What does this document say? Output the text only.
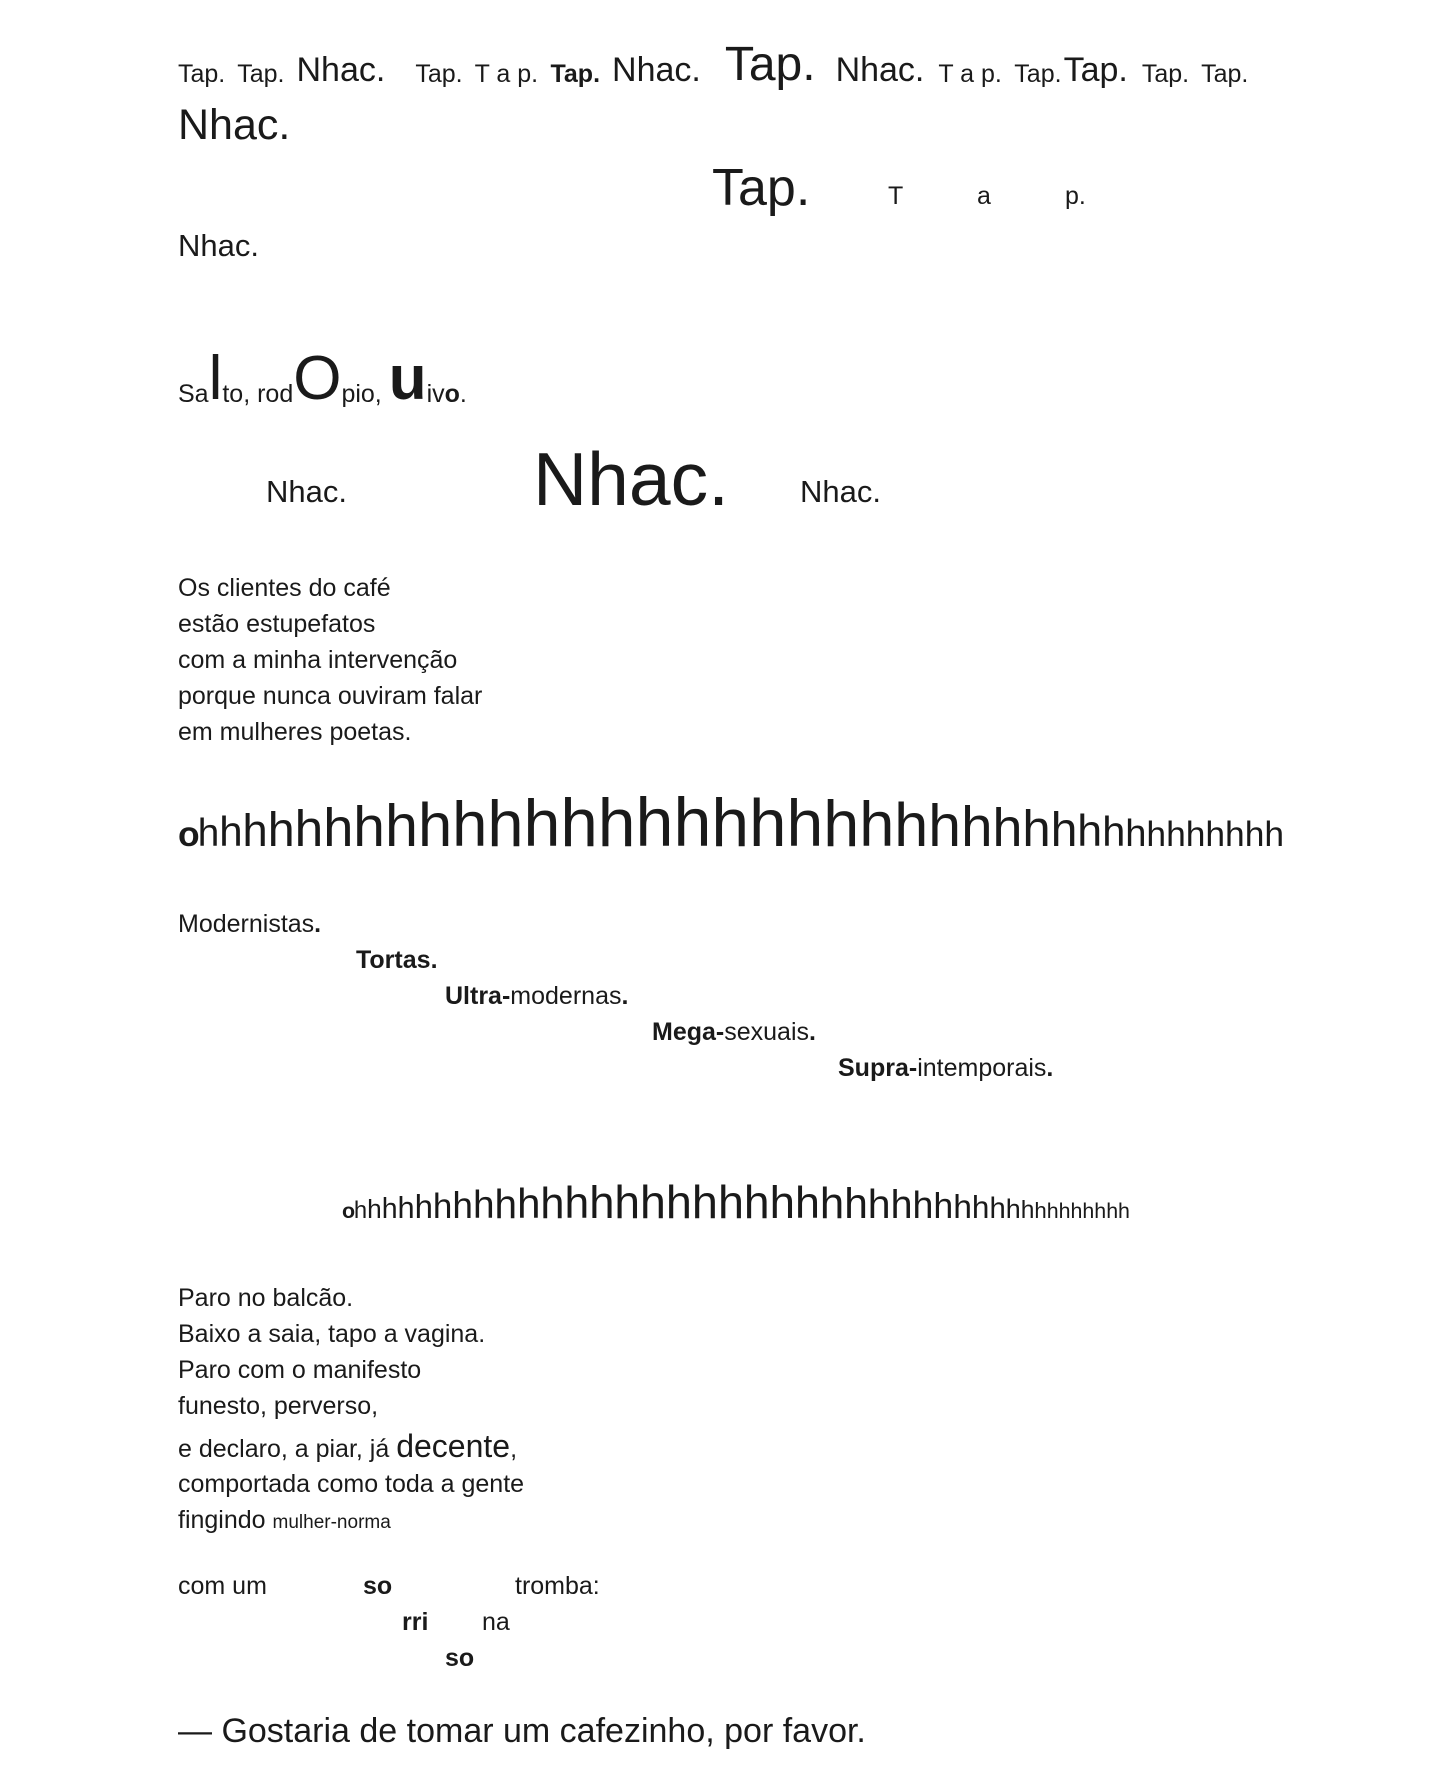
Tap. Tap. Nhac. Tap. T a p. Tap. Nhac. Tap. Nhac. T a p. Tap. Tap. Tap. Tap.
Nhac.
Tap.	T	a	p.
Nhac.
Sa l to, rod O pio, u iv o .
Nhac. Nhac. Nhac.
Os clientes do café
estão estupefatos
com a minha intervenção
porque nunca ouviram falar
em mulheres poetas.
o
h h h h h h h h h h h h h h h h h h h h h h h h h h h h h h h h h h h h h
o
h h h h h h h h h h h h h h h h h h h h h h h h h h h h h h h h h h h h h h h h
Modernistas.
Tortas.
Ultra-modernas.
Mega-sexuais.
Supra-intemporais.
Paro no balcão.
Baixo a saia, tapo a vagina.
Paro com o manifesto
funesto, perverso,
e declaro, a piar, já decente,
comportada como toda a gente
fingindo mulher-norma
com um	so	tromba:
rri na
so
— Gostaria de tomar um cafezinho, por favor.
